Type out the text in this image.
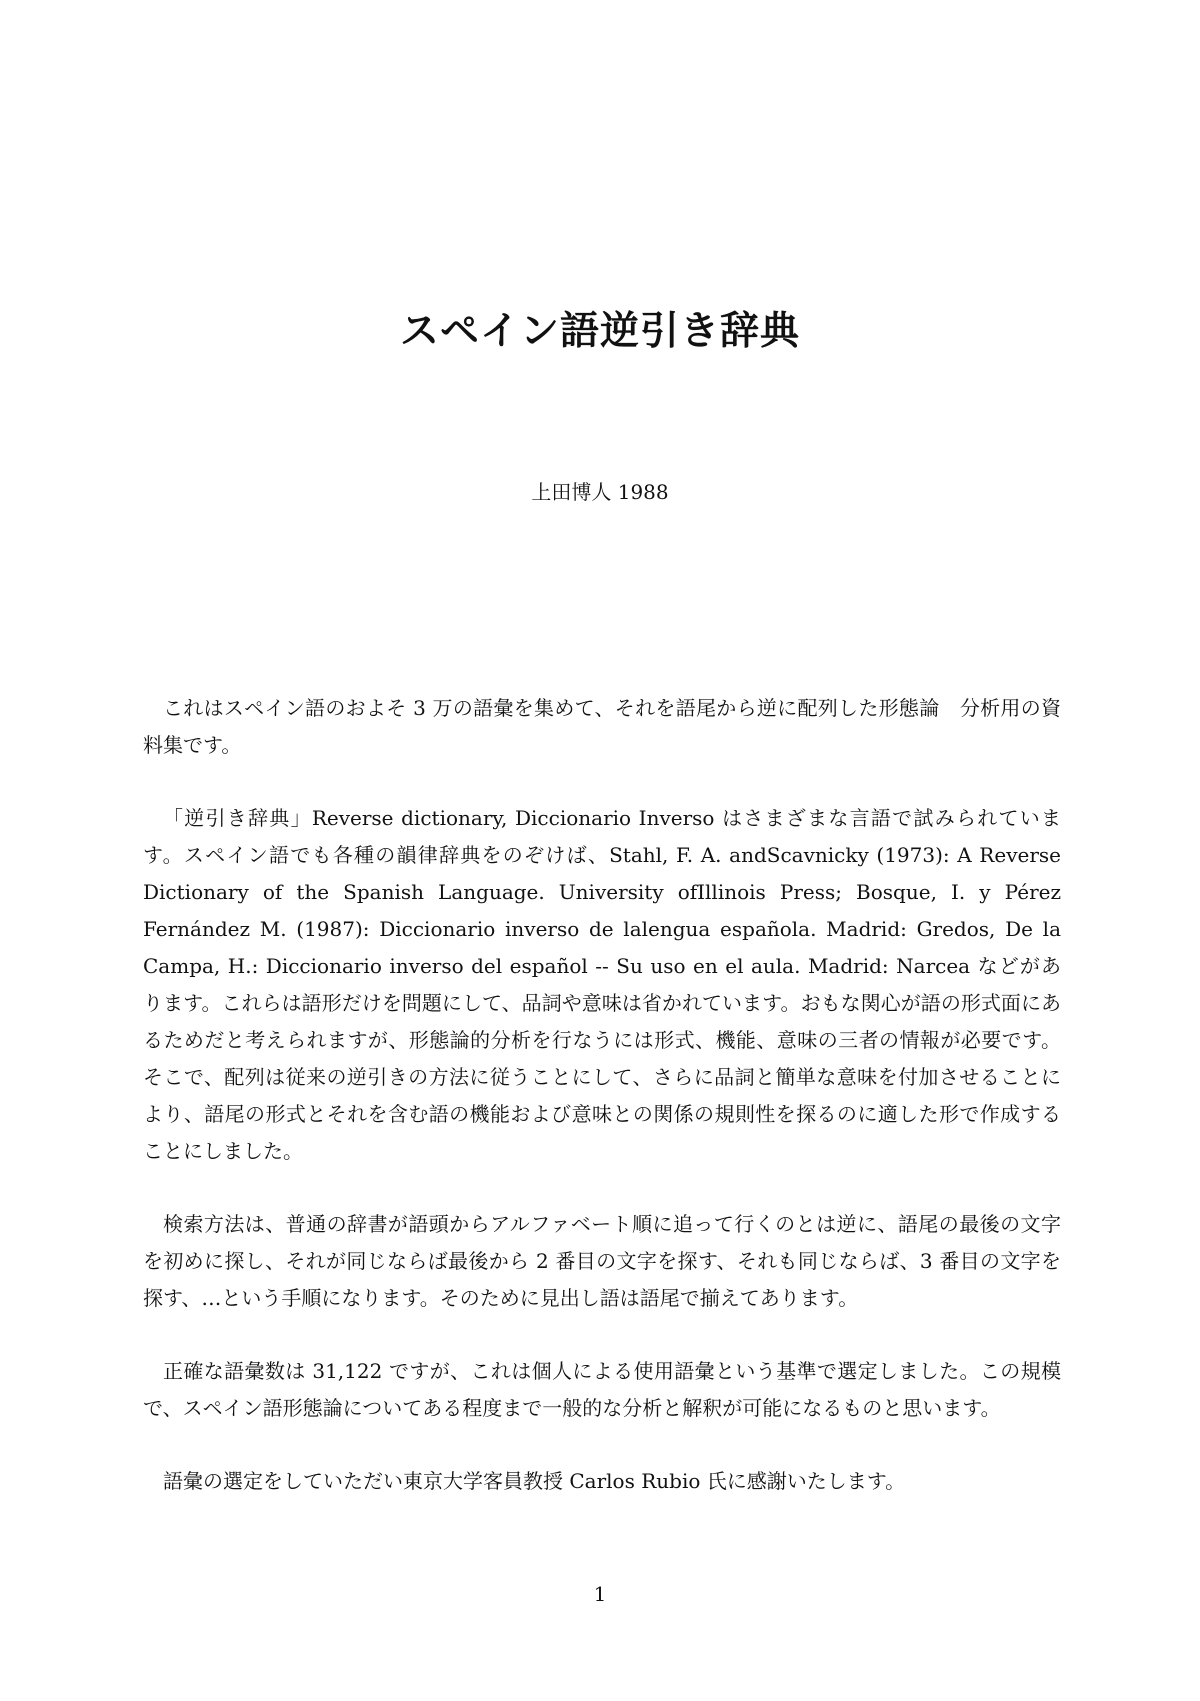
スペイン語逆引き辞典

上田博人 1988

これはスペイン語のおよそ 3 万の語彙を集めて、それを語尾から逆に配列した形態論　分析用の資料集です。

「逆引き辞典」Reverse dictionary, Diccionario Inverso はさまざまな言語で試みられています。スペイン語でも各種の韻律辞典をのぞけば、Stahl, F. A. andScavnicky (1973): A Reverse Dictionary of the Spanish Language. University ofIllinois Press; Bosque, I. y Pérez Fernández M. (1987): Diccionario inverso de lalengua española. Madrid: Gredos, De la Campa, H.: Diccionario inverso del español -- Su uso en el aula. Madrid: Narcea などがあります。これらは語形だけを問題にして、品詞や意味は省かれています。おもな関心が語の形式面にあるためだと考えられますが、形態論的分析を行なうには形式、機能、意味の三者の情報が必要です。そこで、配列は従来の逆引きの方法に従うことにして、さらに品詞と簡単な意味を付加させることにより、語尾の形式とそれを含む語の機能および意味との関係の規則性を探るのに適した形で作成することにしました。

検索方法は、普通の辞書が語頭からアルファベート順に追って行くのとは逆に、語尾の最後の文字を初めに探し、それが同じならば最後から 2 番目の文字を探す、それも同じならば、3 番目の文字を探す、…という手順になります。そのために見出し語は語尾で揃えてあります。

正確な語彙数は 31,122 ですが、これは個人による使用語彙という基準で選定しました。この規模で、スペイン語形態論についてある程度まで一般的な分析と解釈が可能になるものと思います。

語彙の選定をしていただい東京大学客員教授 Carlos Rubio 氏に感謝いたします。

1
